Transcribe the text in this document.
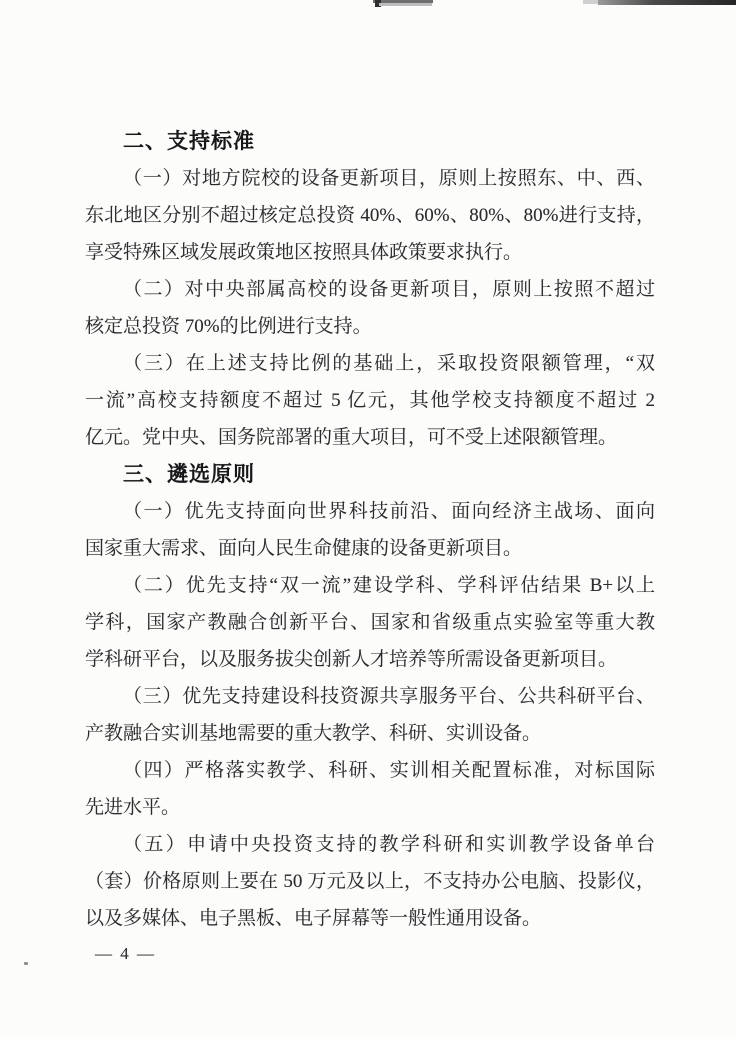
二、支持标准
（一）对地方院校的设备更新项目，原则上按照东、中、西、
东北地区分别不超过核定总投资 40%、60%、80%、80%进行支持，
享受特殊区域发展政策地区按照具体政策要求执行。
（二）对中央部属高校的设备更新项目，原则上按照不超过
核定总投资 70%的比例进行支持。
（三）在上述支持比例的基础上，采取投资限额管理，“双
一流”高校支持额度不超过 5 亿元，其他学校支持额度不超过 2
亿元。党中央、国务院部署的重大项目，可不受上述限额管理。
三、遴选原则
（一）优先支持面向世界科技前沿、面向经济主战场、面向
国家重大需求、面向人民生命健康的设备更新项目。
（二）优先支持“双一流”建设学科、学科评估结果 B+以上
学科，国家产教融合创新平台、国家和省级重点实验室等重大教
学科研平台，以及服务拔尖创新人才培养等所需设备更新项目。
（三）优先支持建设科技资源共享服务平台、公共科研平台、
产教融合实训基地需要的重大教学、科研、实训设备。
（四）严格落实教学、科研、实训相关配置标准，对标国际
先进水平。
（五）申请中央投资支持的教学科研和实训教学设备单台
（套）价格原则上要在 50 万元及以上，不支持办公电脑、投影仪，
以及多媒体、电子黑板、电子屏幕等一般性通用设备。
— 4 —
